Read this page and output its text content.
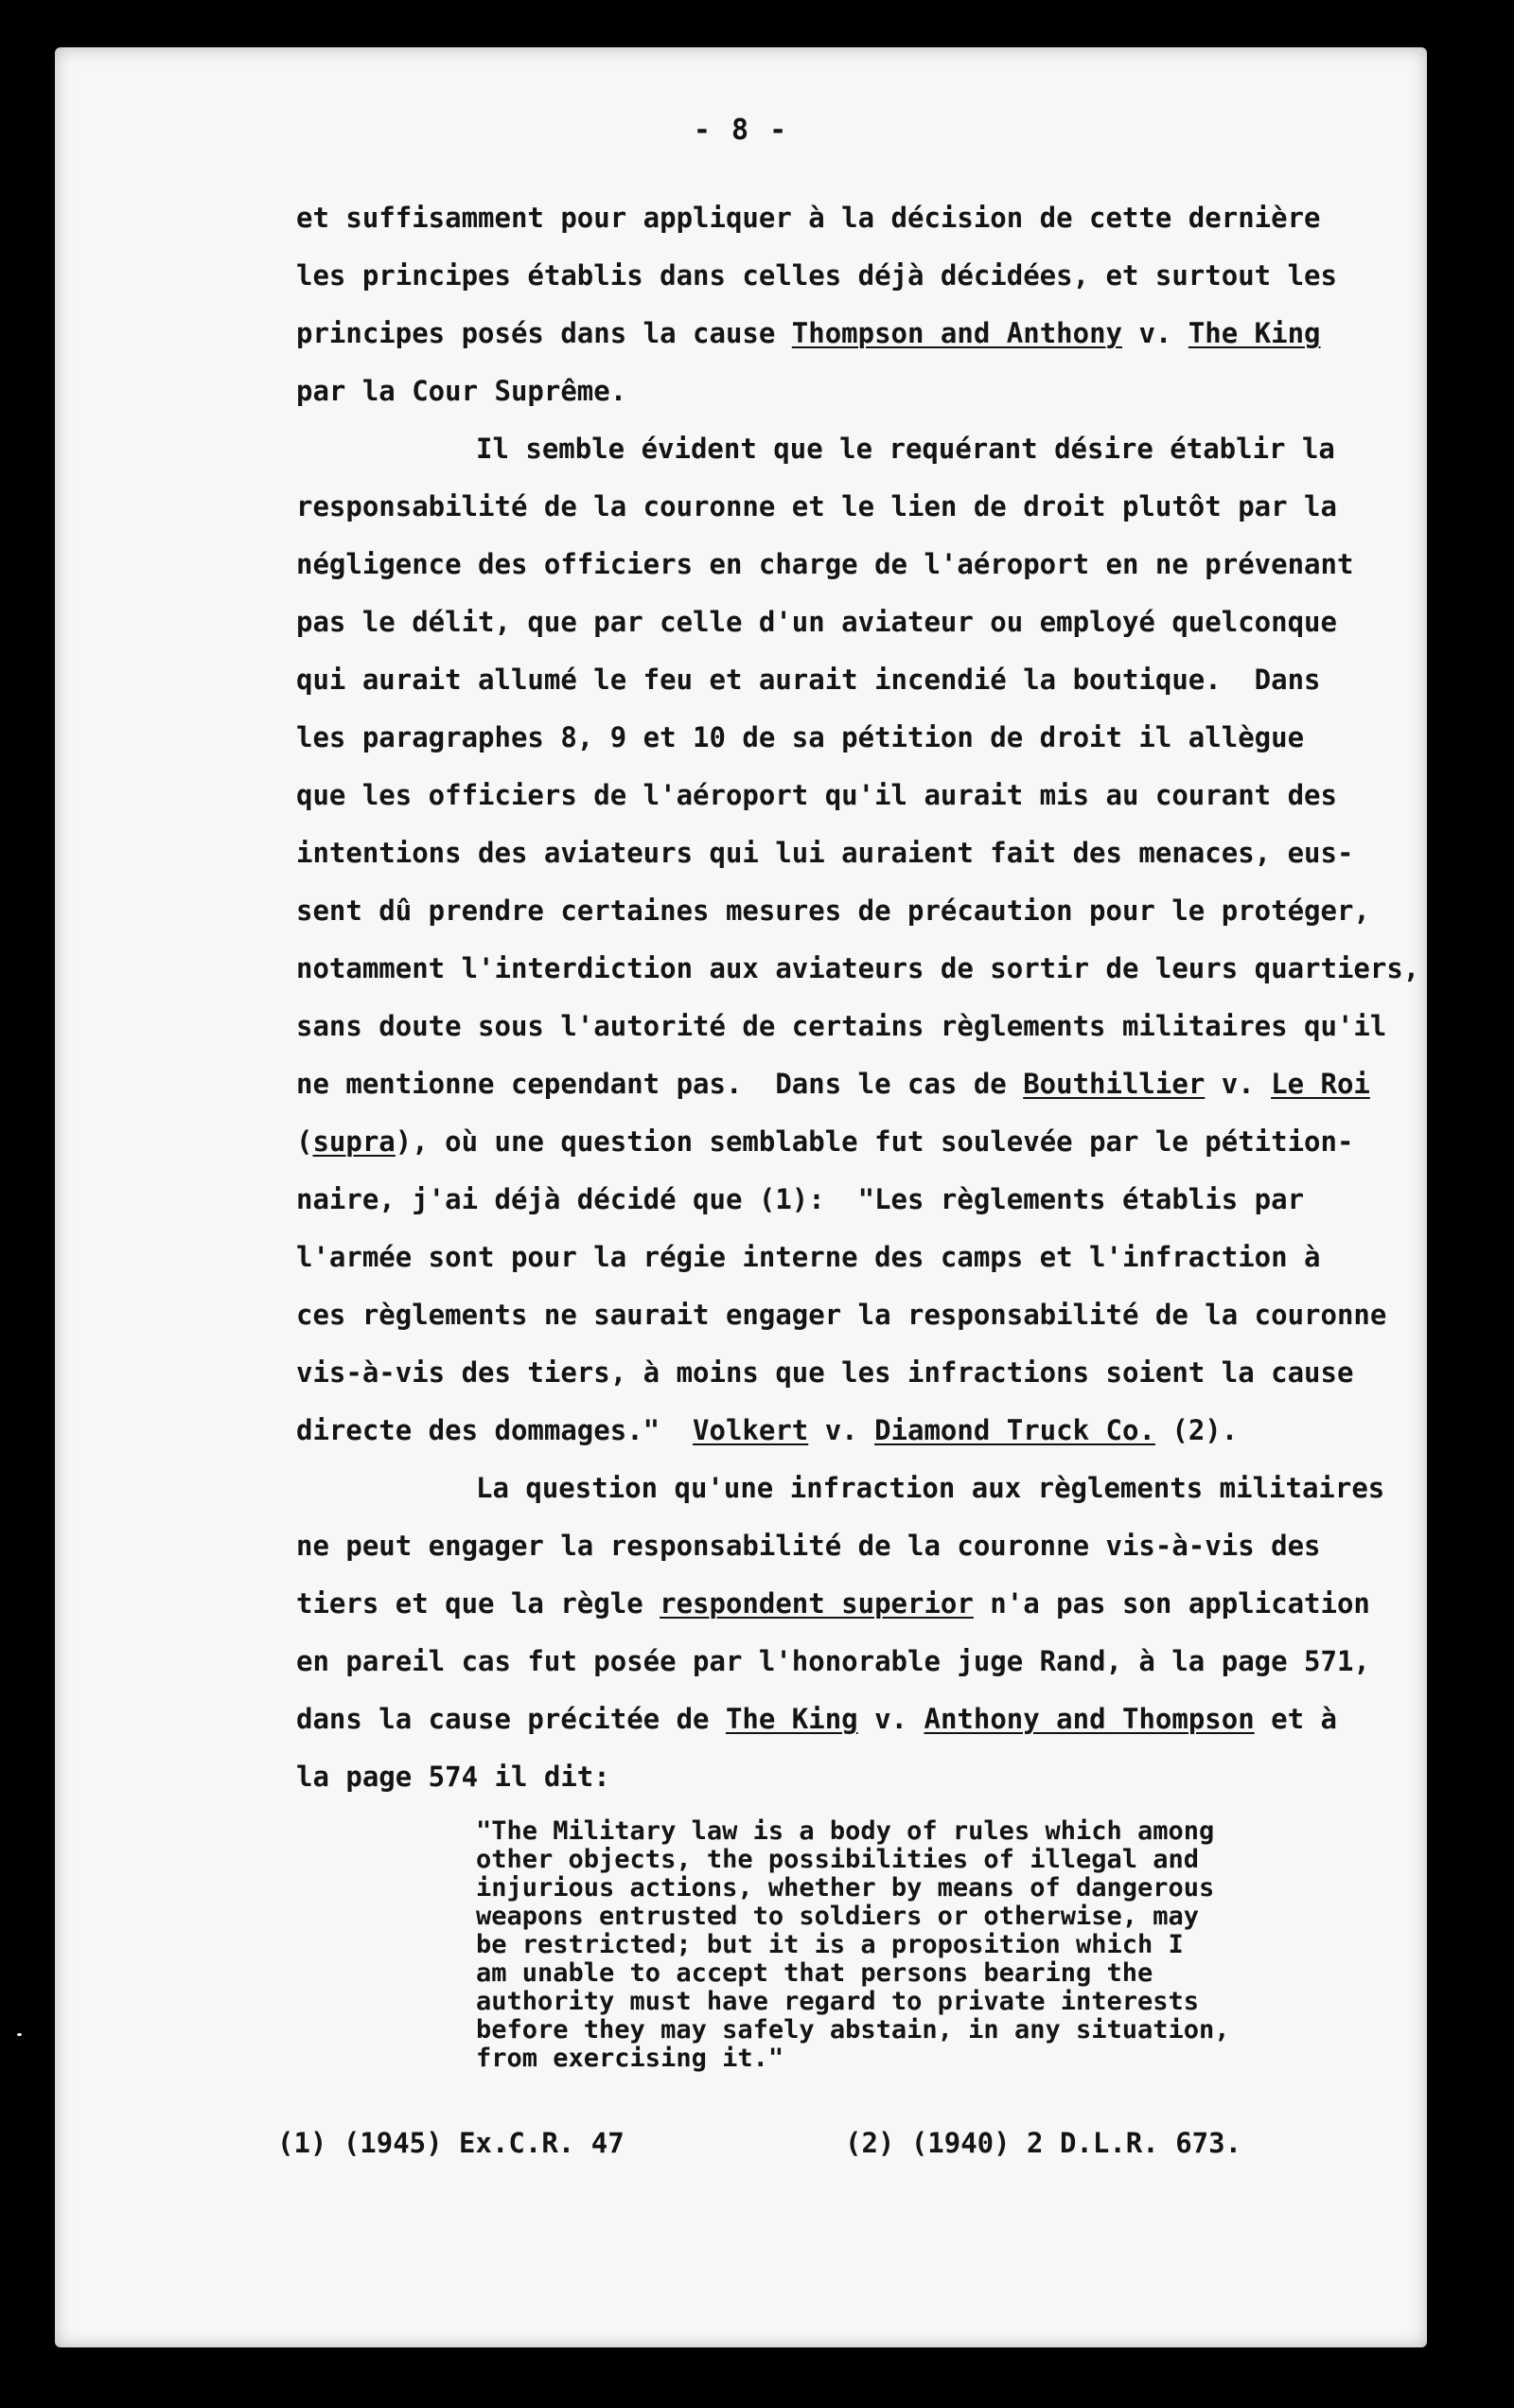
- 8 -
et suffisamment pour appliquer à la décision de cette dernière
les principes établis dans celles déjà décidées, et surtout les
principes posés dans la cause Thompson and Anthony v. The King
par la Cour Suprême.
Il semble évident que le requérant désire établir la
responsabilité de la couronne et le lien de droit plutôt par la
négligence des officiers en charge de l'aéroport en ne prévenant
pas le délit, que par celle d'un aviateur ou employé quelconque
qui aurait allumé le feu et aurait incendié la boutique.  Dans
les paragraphes 8, 9 et 10 de sa pétition de droit il allègue
que les officiers de l'aéroport qu'il aurait mis au courant des
intentions des aviateurs qui lui auraient fait des menaces, eus-
sent dû prendre certaines mesures de précaution pour le protéger,
notamment l'interdiction aux aviateurs de sortir de leurs quartiers,
sans doute sous l'autorité de certains règlements militaires qu'il
ne mentionne cependant pas.  Dans le cas de Bouthillier v. Le Roi
(supra), où une question semblable fut soulevée par le pétition-
naire, j'ai déjà décidé que (1):  "Les règlements établis par
l'armée sont pour la régie interne des camps et l'infraction à
ces règlements ne saurait engager la responsabilité de la couronne
vis-à-vis des tiers, à moins que les infractions soient la cause
directe des dommages."  Volkert v. Diamond Truck Co. (2).
La question qu'une infraction aux règlements militaires
ne peut engager la responsabilité de la couronne vis-à-vis des
tiers et que la règle respondent superior n'a pas son application
en pareil cas fut posée par l'honorable juge Rand, à la page 571,
dans la cause précitée de The King v. Anthony and Thompson et à
la page 574 il dit:
"The Military law is a body of rules which among
other objects, the possibilities of illegal and
injurious actions, whether by means of dangerous
weapons entrusted to soldiers or otherwise, may
be restricted; but it is a proposition which I
am unable to accept that persons bearing the
authority must have regard to private interests
before they may safely abstain, in any situation,
from exercising it."
(1) (1945) Ex.C.R. 47	(2) (1940) 2 D.L.R. 673.
